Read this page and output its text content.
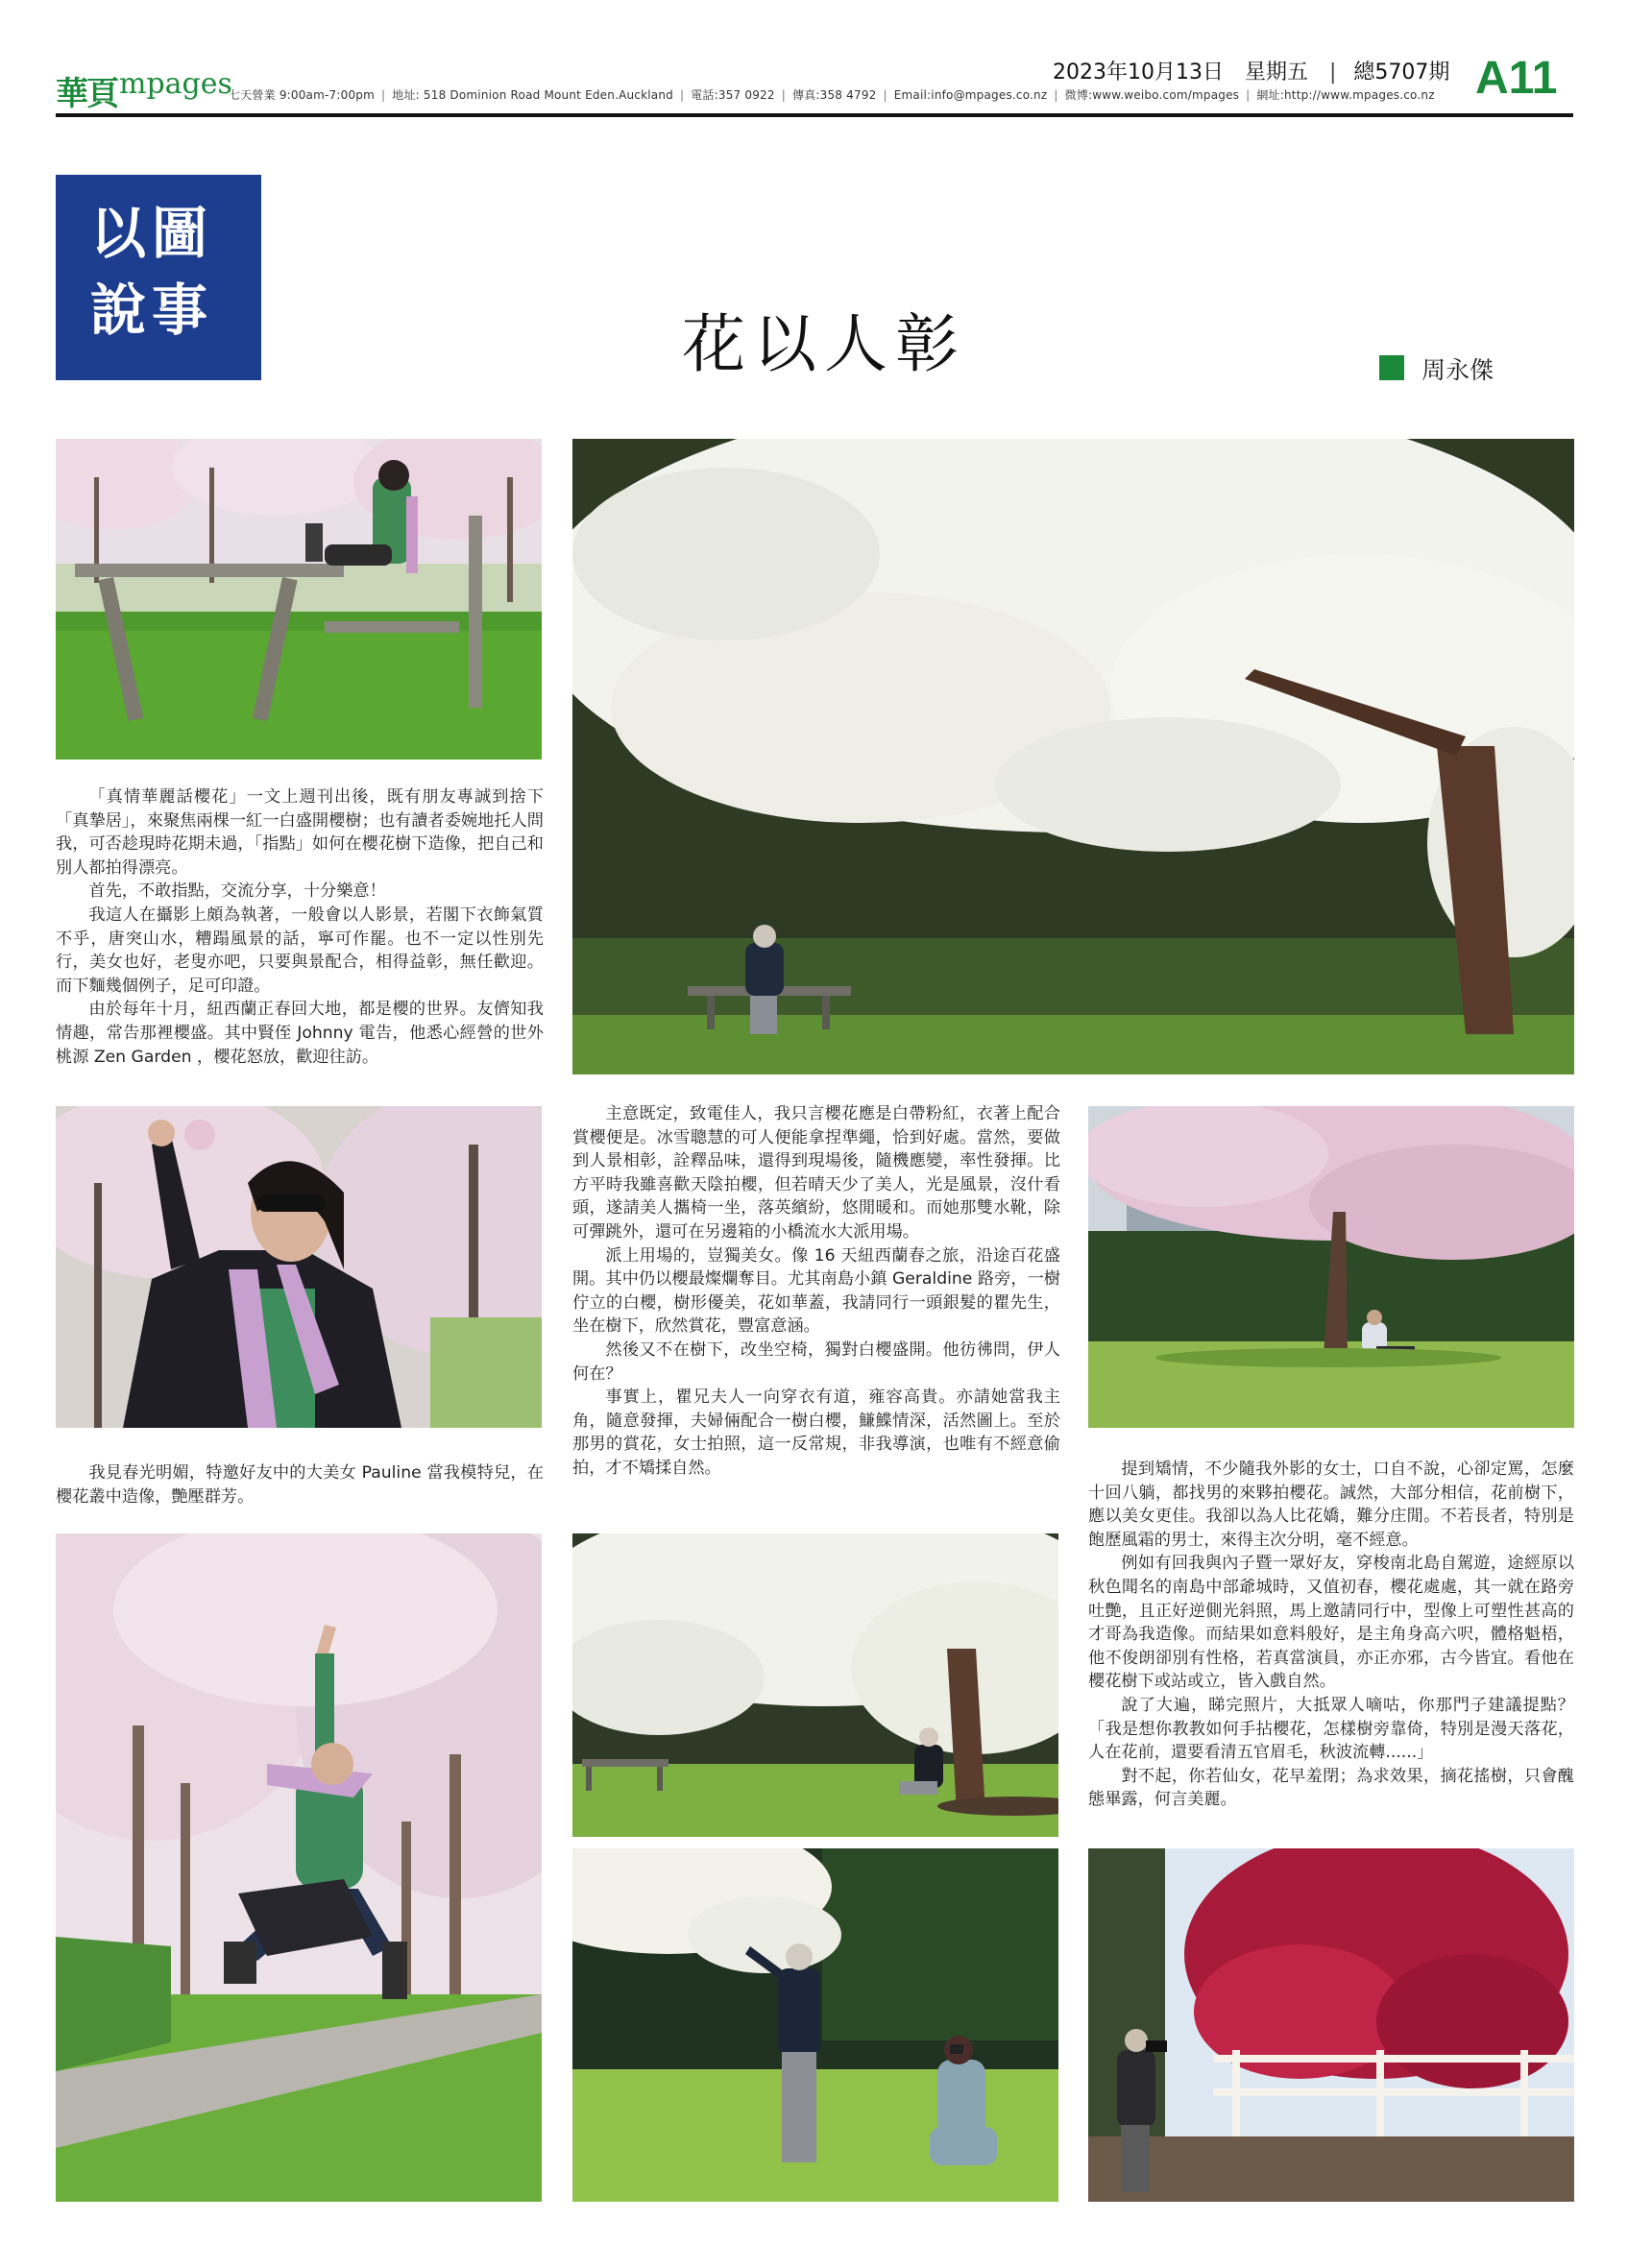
華頁 mpages
七天營業 9:00am-7:00pm | 地址: 518 Dominion Road Mount Eden.Auckland | 電話:357 0922 | 傳真:358 4792 | Email:info@mpages.co.nz | 微博:www.weibo.com/mpages | 網址:http://www.mpages.co.nz
2023年10月13日 星期五 | 總5707期 A11
以圖
說事	花以人彰	周永傑

「真情華麗話櫻花」一文上週刊出後，既有朋友專誠到捨下「真摯居」，來聚焦兩棵一紅一白盛開櫻樹；也有讀者委婉地托人問我，可否趁現時花期未過，「指點」如何在櫻花樹下造像，把自己和別人都拍得漂亮。

首先，不敢指點，交流分享，十分樂意！

我這人在攝影上頗為執著，一般會以人影景，若閣下衣飾氣質不乎，唐突山水，糟蹋風景的話，寧可作罷。也不一定以性別先行，美女也好，老叟亦吧，只要與景配合，相得益彰，無任歡迎。而下麵幾個例子，足可印證。

由於每年十月，紐西蘭正春回大地，都是櫻的世界。友儕知我情趣，常告那裡櫻盛。其中賢侄 Johnny 電告，他悉心經營的世外桃源 Zen Garden ，櫻花怒放，歡迎往訪。

我見春光明媚，特邀好友中的大美女 Pauline 當我模特兒，在櫻花叢中造像，艷壓群芳。

主意既定，致電佳人，我只言櫻花應是白帶粉紅，衣著上配合賞櫻便是。冰雪聰慧的可人便能拿捏準繩，恰到好處。當然，要做到人景相彰，詮釋品味，還得到現場後，隨機應變，率性發揮。比方平時我雖喜歡天陰拍櫻，但若晴天少了美人，光是風景，沒什看頭，遂請美人攜椅一坐，落英繽紛，悠閒暖和。而她那雙水靴，除可彈跳外，還可在另邊箱的小橋流水大派用場。

派上用場的，豈獨美女。像 16 天紐西蘭春之旅，沿途百花盛開。其中仍以櫻最燦爛奪目。尤其南島小鎮 Geraldine 路旁，一樹佇立的白櫻，樹形優美，花如華蓋，我請同行一頭銀髮的瞿先生，坐在樹下，欣然賞花，豐富意涵。

然後又不在樹下，改坐空椅，獨對白櫻盛開。他彷彿問，伊人何在？

事實上，瞿兄夫人一向穿衣有道，雍容高貴。亦請她當我主角，隨意發揮，夫婦倆配合一樹白櫻，鰜鰈情深，活然圖上。至於那男的賞花，女士拍照，這一反常規，非我導演，也唯有不經意偷拍，才不矯揉自然。	提到矯情，不少隨我外影的女士，口自不說，心卻定罵，怎麼十回八躺，都找男的來夥拍櫻花。誠然，大部分相信，花前樹下，應以美女更佳。我卻以為人比花嬌，難分庄閒。不若長者，特別是飽歷風霜的男士，來得主次分明，毫不經意。

例如有回我與內子暨一眾好友，穿梭南北島自駕遊，途經原以秋色聞名的南島中部爺城時，又值初春，櫻花處處，其一就在路旁吐艷，且正好逆側光斜照，馬上邀請同行中，型像上可塑性甚高的才哥為我造像。而結果如意料般好，是主角身高六呎，體格魁梧，他不俊朗卻別有性格，若真當演員，亦正亦邪，古今皆宜。看他在櫻花樹下或站或立，皆入戲自然。

說了大遍，睇完照片，大抵眾人嘀咕，你那門子建議提點？「我是想你教教如何手拈櫻花，怎樣樹旁靠倚，特別是漫天落花，人在花前，還要看清五官眉毛，秋波流轉......」

對不起，你若仙女，花早羞閉；為求效果，摘花搖樹，只會醜態畢露，何言美麗。
